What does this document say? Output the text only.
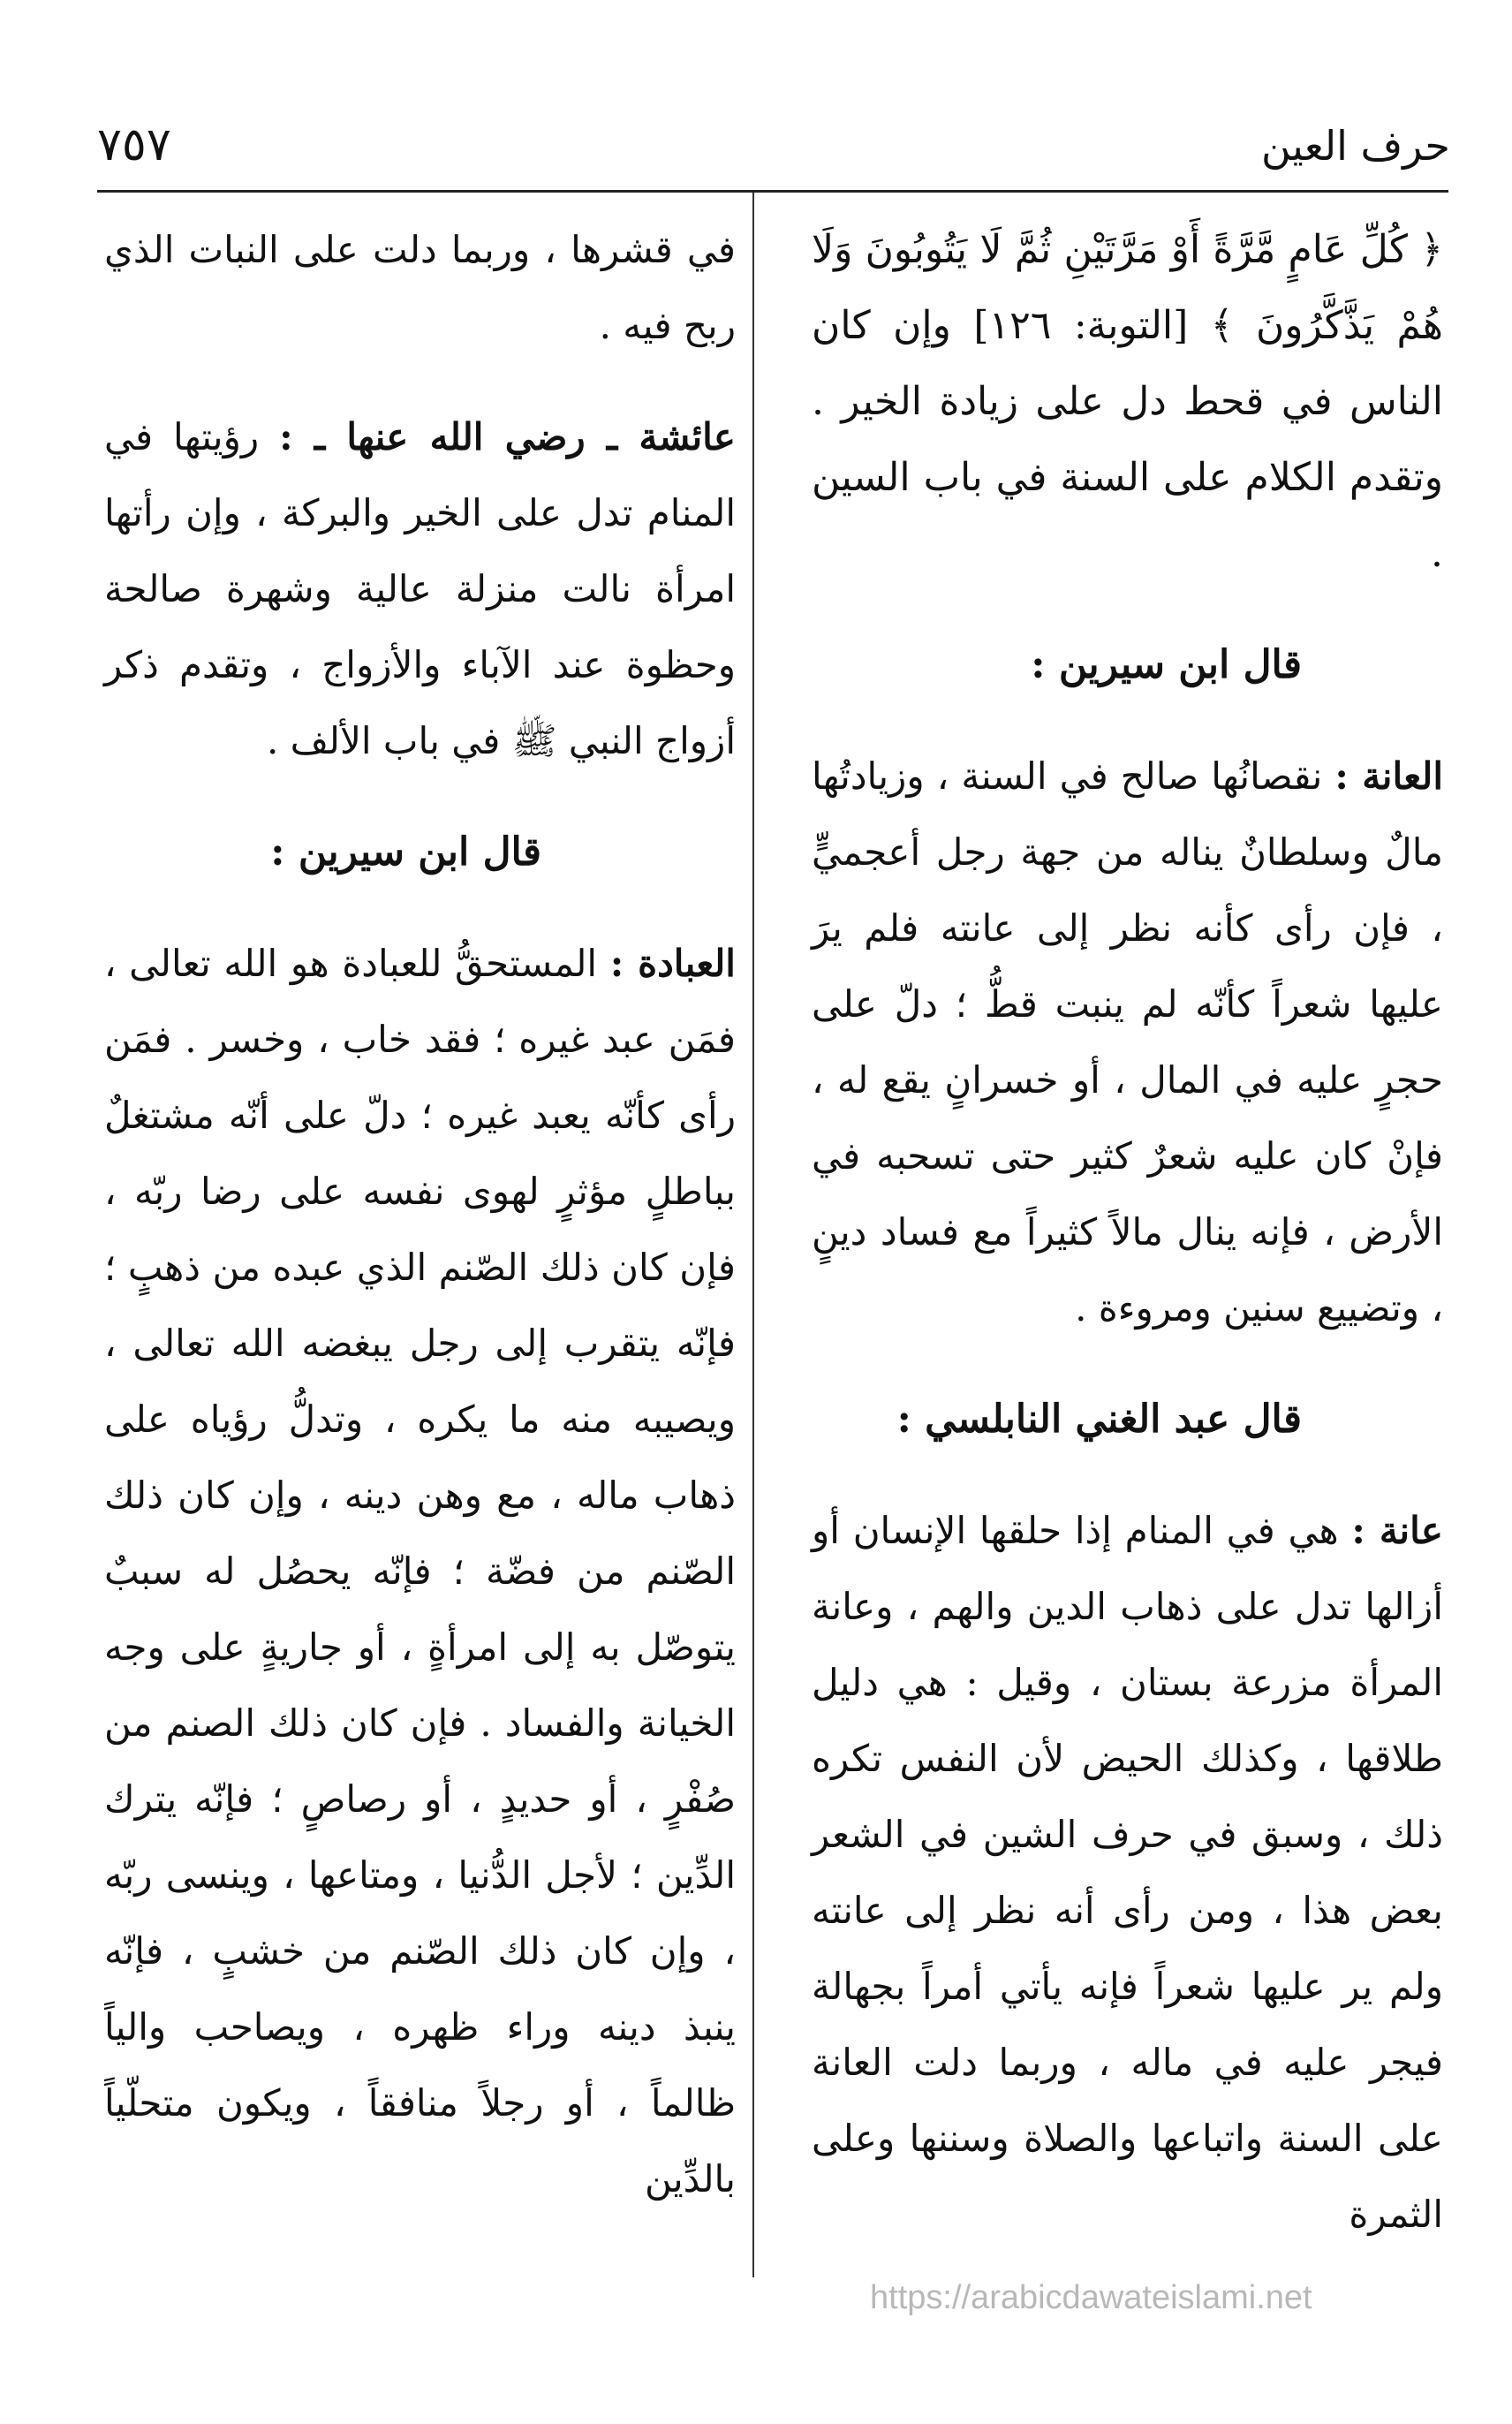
حرف العين
٧٥٧

﴿ كُلِّ عَامٍ مَّرَّةً أَوْ مَرَّتَيْنِ ثُمَّ لَا يَتُوبُونَ وَلَا هُمْ يَذَّكَّرُونَ ﴾ [التوبة: ١٢٦] وإن كان الناس في قحط دل على زيادة الخير . وتقدم الكلام على السنة في باب السين .

قال ابن سيرين :

العانة : نقصانُها صالح في السنة ، وزيادتُها مالٌ وسلطانٌ يناله من جهة رجل أعجميٍّ ، فإن رأى كأنه نظر إلى عانته فلم يرَ عليها شعراً كأنّه لم ينبت قطُّ ؛ دلّ على حجرٍ عليه في المال ، أو خسرانٍ يقع له ، فإنْ كان عليه شعرٌ كثير حتى تسحبه في الأرض ، فإنه ينال مالاً كثيراً مع فساد دينٍ ، وتضييع سنين ومروءة .

قال عبد الغني النابلسي :

عانة : هي في المنام إذا حلقها الإنسان أو أزالها تدل على ذهاب الدين والهم ، وعانة المرأة مزرعة بستان ، وقيل : هي دليل طلاقها ، وكذلك الحيض لأن النفس تكره ذلك ، وسبق في حرف الشين في الشعر بعض هذا ، ومن رأى أنه نظر إلى عانته ولم ير عليها شعراً فإنه يأتي أمراً بجهالة فيجر عليه في ماله ، وربما دلت العانة على السنة واتباعها والصلاة وسننها وعلى الثمرة

في قشرها ، وربما دلت على النبات الذي ربح فيه .

عائشة ـ رضي الله عنها ـ : رؤيتها في المنام تدل على الخير والبركة ، وإن رأتها امرأة نالت منزلة عالية وشهرة صالحة وحظوة عند الآباء والأزواج ، وتقدم ذكر أزواج النبي ﷺ في باب الألف .

قال ابن سيرين :

العبادة : المستحقُّ للعبادة هو الله تعالى ، فمَن عبد غيره ؛ فقد خاب ، وخسر . فمَن رأى كأنّه يعبد غيره ؛ دلّ على أنّه مشتغلٌ بباطلٍ مؤثرٍ لهوى نفسه على رضا ربّه ، فإن كان ذلك الصّنم الذي عبده من ذهبٍ ؛ فإنّه يتقرب إلى رجل يبغضه الله تعالى ، ويصيبه منه ما يكره ، وتدلُّ رؤياه على ذهاب ماله ، مع وهن دينه ، وإن كان ذلك الصّنم من فضّة ؛ فإنّه يحصُل له سببٌ يتوصّل به إلى امرأةٍ ، أو جاريةٍ على وجه الخيانة والفساد . فإن كان ذلك الصنم من صُفْرٍ ، أو حديدٍ ، أو رصاصٍ ؛ فإنّه يترك الدِّين ؛ لأجل الدُّنيا ، ومتاعها ، وينسى ربّه ، وإن كان ذلك الصّنم من خشبٍ ، فإنّه ينبذ دينه وراء ظهره ، ويصاحب والياً ظالماً ، أو رجلاً منافقاً ، ويكون متحلّياً بالدِّين

https://arabicdawateislami.net
